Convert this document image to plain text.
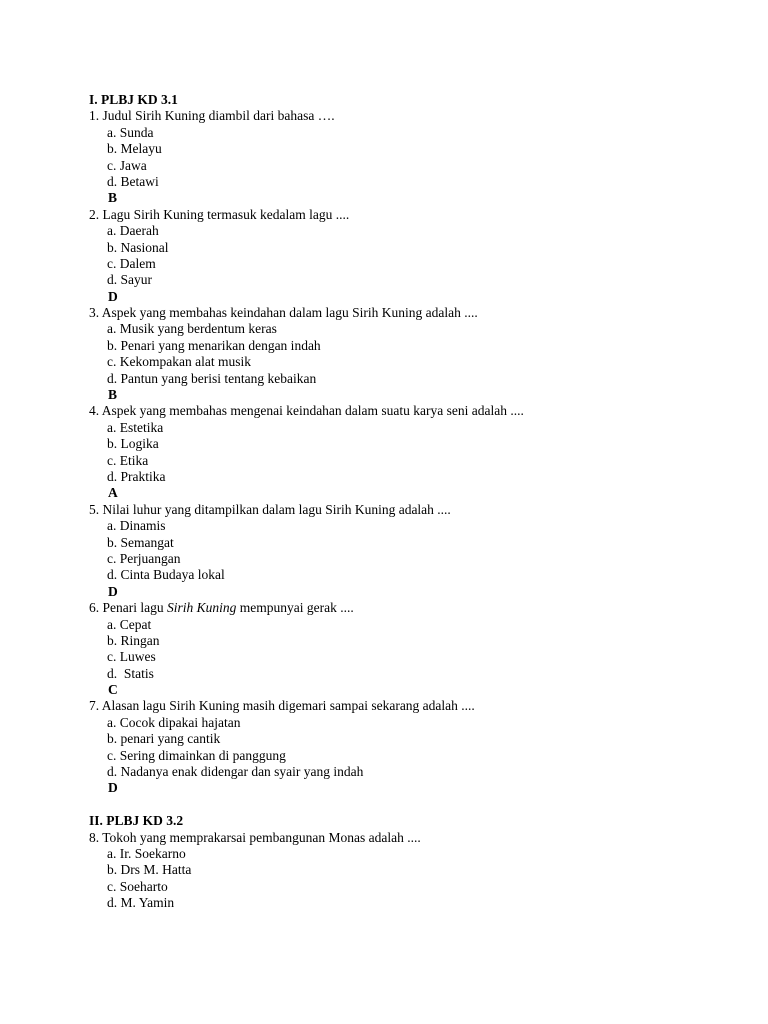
I. PLBJ KD 3.1
1. Judul Sirih Kuning diambil dari bahasa ….
a. Sunda
b. Melayu
c. Jawa
d. Betawi
B
2. Lagu Sirih Kuning termasuk kedalam lagu ....
a. Daerah
b. Nasional
c. Dalem
d. Sayur
D
3. Aspek yang membahas keindahan dalam lagu Sirih Kuning adalah ....
a. Musik yang berdentum keras
b. Penari yang menarikan dengan indah
c. Kekompakan alat musik
d. Pantun yang berisi tentang kebaikan
B
4. Aspek yang membahas mengenai keindahan dalam suatu karya seni adalah ....
a. Estetika
b. Logika
c. Etika
d. Praktika
A
5. Nilai luhur yang ditampilkan dalam lagu Sirih Kuning adalah ....
a. Dinamis
b. Semangat
c. Perjuangan
d. Cinta Budaya lokal
D
6. Penari lagu Sirih Kuning mempunyai gerak ....
a. Cepat
b. Ringan
c. Luwes
d.  Statis
C
7. Alasan lagu Sirih Kuning masih digemari sampai sekarang adalah ....
a. Cocok dipakai hajatan
b. penari yang cantik
c. Sering dimainkan di panggung
d. Nadanya enak didengar dan syair yang indah
D
II. PLBJ KD 3.2
8. Tokoh yang memprakarsai pembangunan Monas adalah ....
a. Ir. Soekarno
b. Drs M. Hatta
c. Soeharto
d. M. Yamin
